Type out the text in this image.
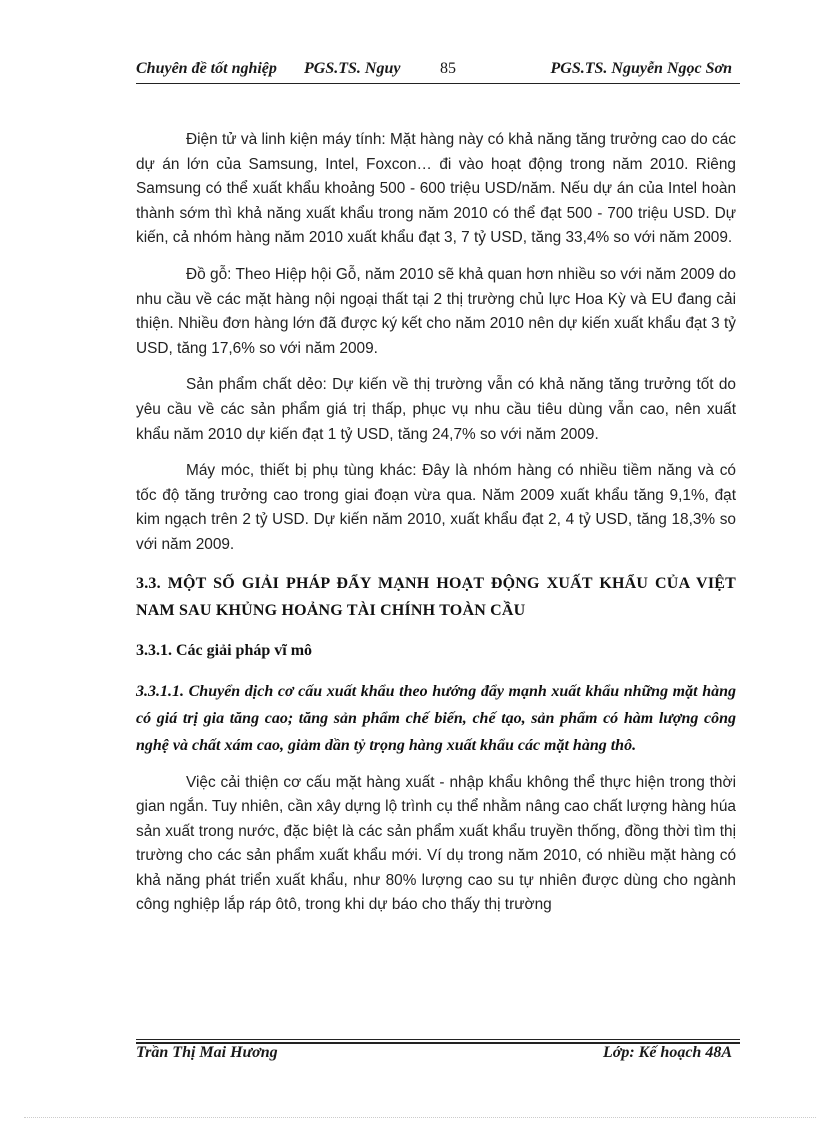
Chuyên đề tốt nghiệp PGS.TS. Nguy 85	PGS.TS. Nguyễn Ngọc Sơn

Điện tử và linh kiện máy tính: Mặt hàng này có khả năng tăng trưởng cao do các dự án lớn của Samsung, Intel, Foxcon… đi vào hoạt động trong năm 2010. Riêng Samsung có thể xuất khẩu khoảng 500 - 600 triệu USD/năm. Nếu dự án của Intel hoàn thành sớm thì khả năng xuất khẩu trong năm 2010 có thể đạt 500 - 700 triệu USD. Dự kiến, cả nhóm hàng năm 2010 xuất khẩu đạt 3, 7 tỷ USD, tăng 33,4% so với năm 2009.

Đồ gỗ: Theo Hiệp hội Gỗ, năm 2010 sẽ khả quan hơn nhiều so với năm 2009 do nhu cầu về các mặt hàng nội ngoại thất tại 2 thị trường chủ lực Hoa Kỳ và EU đang cải thiện. Nhiều đơn hàng lớn đã được ký kết cho năm 2010 nên dự kiến xuất khẩu đạt 3 tỷ USD, tăng 17,6% so với năm 2009.

Sản phẩm chất dẻo: Dự kiến về thị trường vẫn có khả năng tăng trưởng tốt do yêu cầu về các sản phẩm giá trị thấp, phục vụ nhu cầu tiêu dùng vẫn cao, nên xuất khẩu năm 2010 dự kiến đạt 1 tỷ USD, tăng 24,7% so với năm 2009.

Máy móc, thiết bị phụ tùng khác: Đây là nhóm hàng có nhiều tiềm năng và có tốc độ tăng trưởng cao trong giai đoạn vừa qua. Năm 2009 xuất khẩu tăng 9,1%, đạt kim ngạch trên 2 tỷ USD. Dự kiến năm 2010, xuất khẩu đạt 2, 4 tỷ USD, tăng 18,3% so với năm 2009.

3.3. MỘT SỐ GIẢI PHÁP ĐẨY MẠNH HOẠT ĐỘNG XUẤT KHẨU CỦA VIỆT NAM SAU KHỦNG HOẢNG TÀI CHÍNH TOÀN CẦU
3.3.1. Các giải pháp vĩ mô
3.3.1.1. Chuyển dịch cơ cấu xuất khẩu theo hướng đẩy mạnh xuất khẩu những mặt hàng có giá trị gia tăng cao; tăng sản phẩm chế biến, chế tạo, sản phẩm có hàm lượng công nghệ và chất xám cao, giảm dần tỷ trọng hàng xuất khẩu các mặt hàng thô.

Việc cải thiện cơ cấu mặt hàng xuất - nhập khẩu không thể thực hiện trong thời gian ngắn. Tuy nhiên, cần xây dựng lộ trình cụ thể nhằm nâng cao chất lượng hàng húa sản xuất trong nước, đặc biệt là các sản phẩm xuất khẩu truyền thống, đồng thời tìm thị trường cho các sản phẩm xuất khẩu mới. Ví dụ trong năm 2010, có nhiều mặt hàng có khả năng phát triển xuất khẩu, như 80% lượng cao su tự nhiên được dùng cho ngành công nghiệp lắp ráp ôtô, trong khi dự báo cho thấy thị trường

Trần Thị Mai Hương	Lớp: Kế hoạch 48A
